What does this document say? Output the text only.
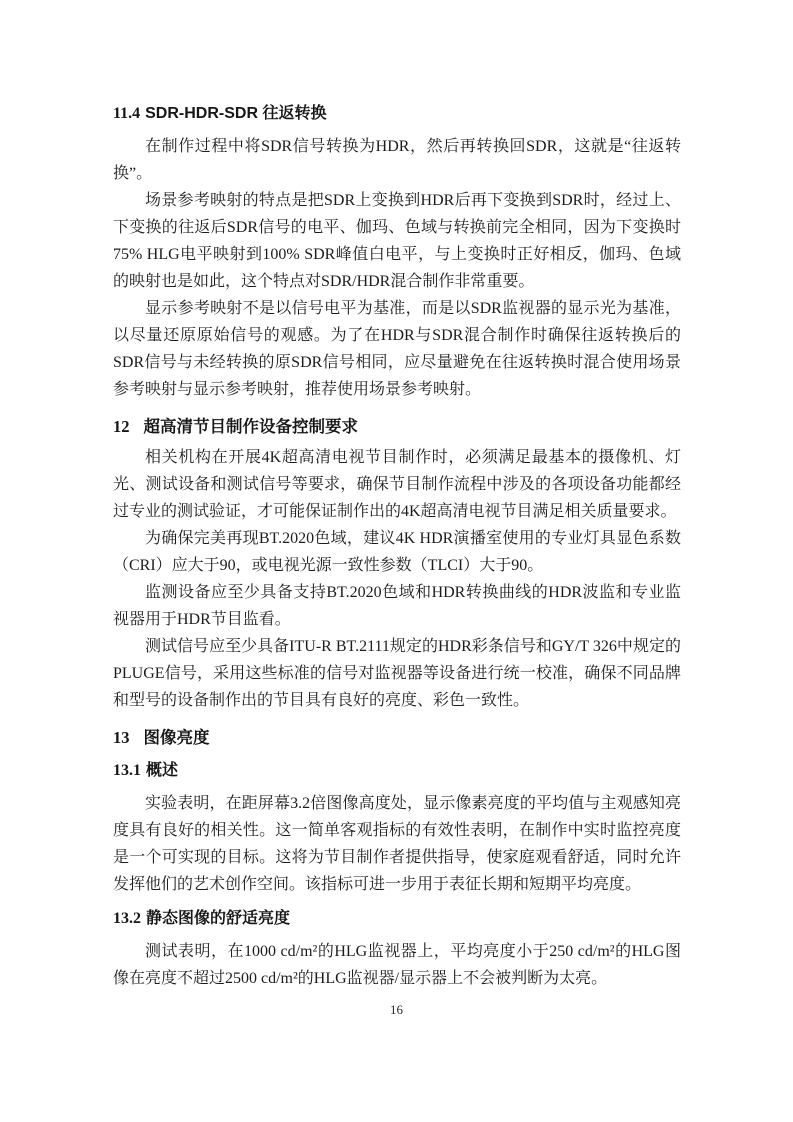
11.4 SDR-HDR-SDR 往返转换

在制作过程中将SDR信号转换为HDR，然后再转换回SDR，这就是“往返转换”。

场景参考映射的特点是把SDR上变换到HDR后再下变换到SDR时，经过上、下变换的往返后SDR信号的电平、伽玛、色域与转换前完全相同，因为下变换时75% HLG电平映射到100% SDR峰值白电平，与上变换时正好相反，伽玛、色域的映射也是如此，这个特点对SDR/HDR混合制作非常重要。

显示参考映射不是以信号电平为基准，而是以SDR监视器的显示光为基准，以尽量还原原始信号的观感。为了在HDR与SDR混合制作时确保往返转换后的SDR信号与未经转换的原SDR信号相同，应尽量避免在往返转换时混合使用场景参考映射与显示参考映射，推荐使用场景参考映射。

12 超高清节目制作设备控制要求

相关机构在开展4K超高清电视节目制作时，必须满足最基本的摄像机、灯光、测试设备和测试信号等要求，确保节目制作流程中涉及的各项设备功能都经过专业的测试验证，才可能保证制作出的4K超高清电视节目满足相关质量要求。

为确保完美再现BT.2020色域，建议4K HDR演播室使用的专业灯具显色系数（CRI）应大于90，或电视光源一致性参数（TLCI）大于90。

监测设备应至少具备支持BT.2020色域和HDR转换曲线的HDR波监和专业监视器用于HDR节目监看。

测试信号应至少具备ITU-R BT.2111规定的HDR彩条信号和GY/T 326中规定的PLUGE信号，采用这些标准的信号对监视器等设备进行统一校准，确保不同品牌和型号的设备制作出的节目具有良好的亮度、彩色一致性。

13 图像亮度
13.1 概述

实验表明，在距屏幕3.2倍图像高度处，显示像素亮度的平均值与主观感知亮度具有良好的相关性。这一简单客观指标的有效性表明，在制作中实时监控亮度是一个可实现的目标。这将为节目制作者提供指导，使家庭观看舒适，同时允许发挥他们的艺术创作空间。该指标可进一步用于表征长期和短期平均亮度。

13.2 静态图像的舒适亮度

测试表明，在1000 cd/m²的HLG监视器上，平均亮度小于250 cd/m²的HLG图像在亮度不超过2500 cd/m²的HLG监视器/显示器上不会被判断为太亮。

16
